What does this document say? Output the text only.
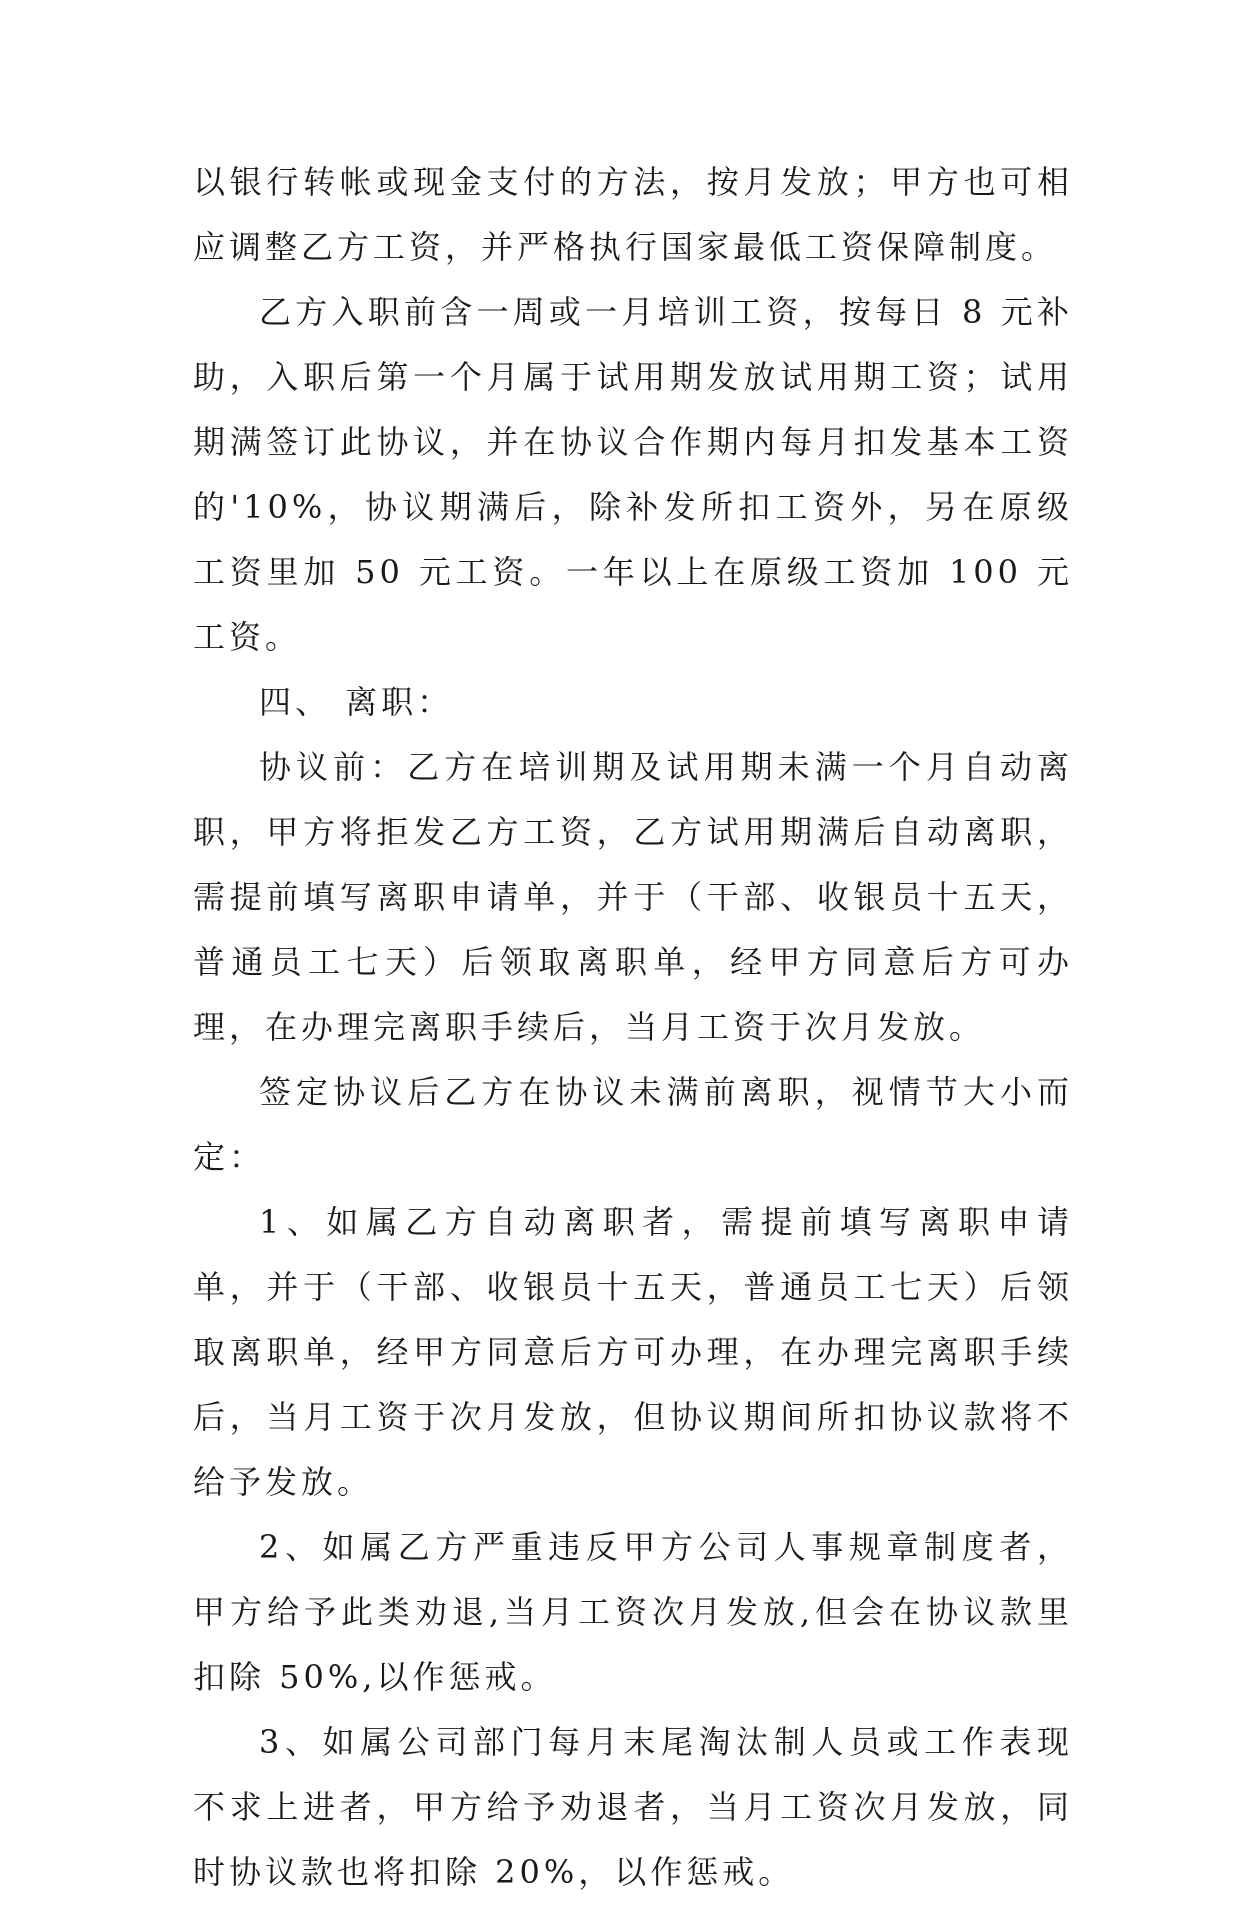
以银行转帐或现金支付的方法，按月发放；甲方也可相应调整乙方工资，并严格执行国家最低工资保障制度。

乙方入职前含一周或一月培训工资，按每日 8 元补助，入职后第一个月属于试用期发放试用期工资；试用期满签订此协议，并在协议合作期内每月扣发基本工资的'10%，协议期满后，除补发所扣工资外，另在原级工资里加 50 元工资。一年以上在原级工资加 100 元工资。

四、 离职：

协议前：乙方在培训期及试用期未满一个月自动离职，甲方将拒发乙方工资，乙方试用期满后自动离职，需提前填写离职申请单，并于（干部、收银员十五天，普通员工七天）后领取离职单，经甲方同意后方可办理，在办理完离职手续后，当月工资于次月发放。

签定协议后乙方在协议未满前离职，视情节大小而定：

1、如属乙方自动离职者，需提前填写离职申请单，并于（干部、收银员十五天，普通员工七天）后领取离职单，经甲方同意后方可办理，在办理完离职手续后，当月工资于次月发放，但协议期间所扣协议款将不给予发放。

2、如属乙方严重违反甲方公司人事规章制度者，甲方给予此类劝退,当月工资次月发放,但会在协议款里扣除 50%,以作惩戒。

3、如属公司部门每月末尾淘汰制人员或工作表现不求上进者，甲方给予劝退者，当月工资次月发放，同时协议款也将扣除 20%，以作惩戒。
